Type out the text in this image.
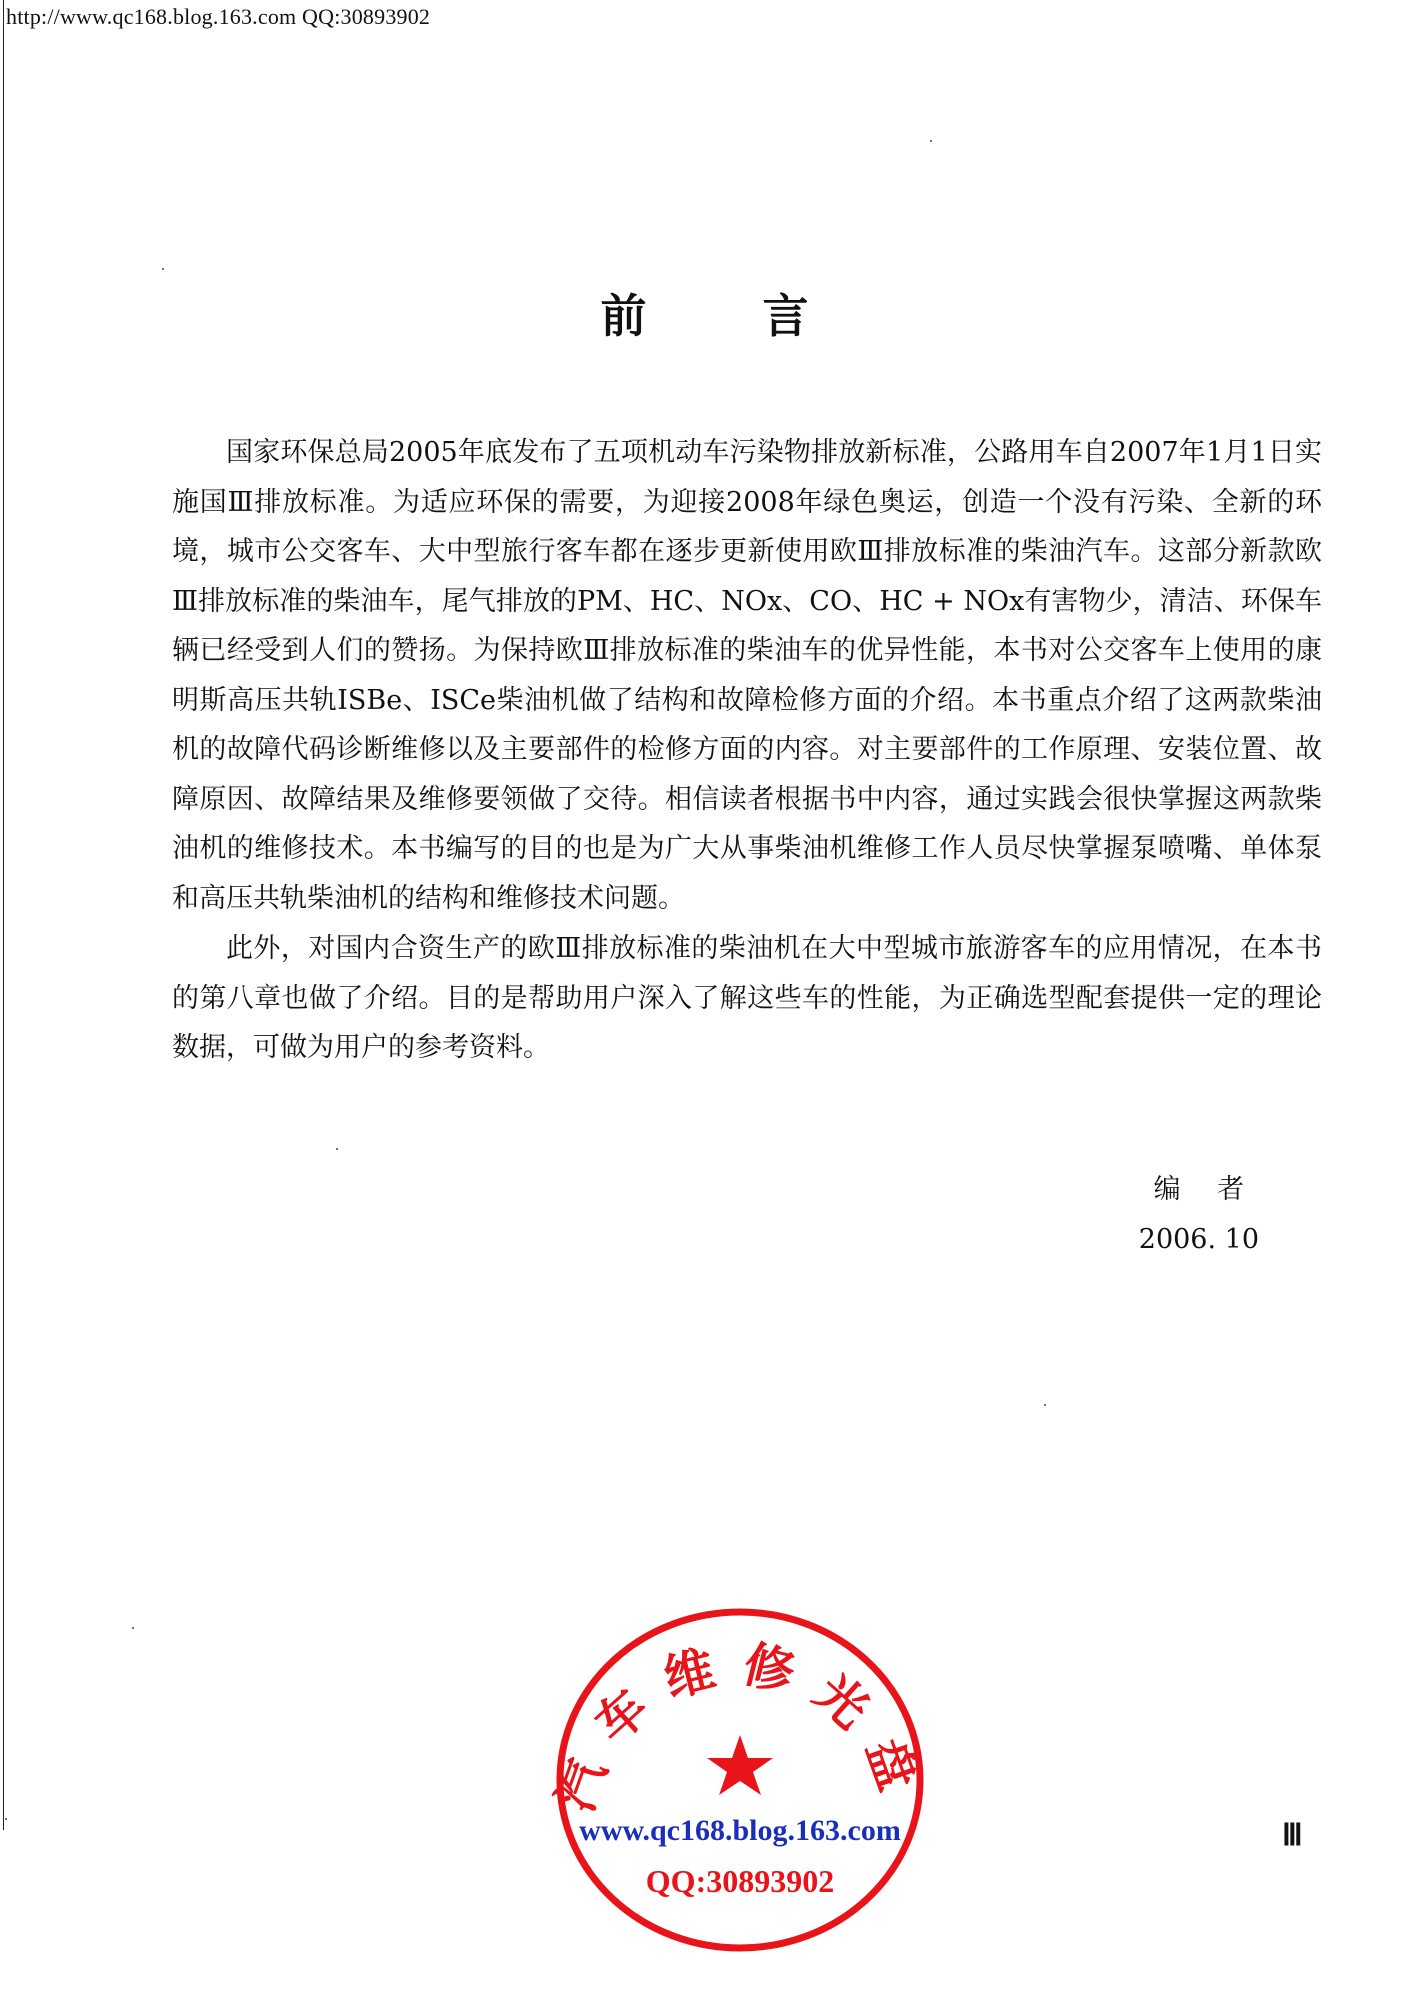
http://www.qc168.blog.163.com QQ:30893902
前 言

国家环保总局2005年底发布了五项机动车污染物排放新标准，公路用车自2007年1月1日实施国Ⅲ排放标准。为适应环保的需要，为迎接2008年绿色奥运，创造一个没有污染、全新的环境，城市公交客车、大中型旅行客车都在逐步更新使用欧Ⅲ排放标准的柴油汽车。这部分新款欧Ⅲ排放标准的柴油车，尾气排放的PM、HC、NOx、CO、HC + NOx有害物少，清洁、环保车辆已经受到人们的赞扬。为保持欧Ⅲ排放标准的柴油车的优异性能，本书对公交客车上使用的康明斯高压共轨ISBe、ISCe柴油机做了结构和故障检修方面的介绍。本书重点介绍了这两款柴油机的故障代码诊断维修以及主要部件的检修方面的内容。对主要部件的工作原理、安装位置、故障原因、故障结果及维修要领做了交待。相信读者根据书中内容，通过实践会很快掌握这两款柴油机的维修技术。本书编写的目的也是为广大从事柴油机维修工作人员尽快掌握泵喷嘴、单体泵和高压共轨柴油机的结构和维修技术问题。

此外，对国内合资生产的欧Ⅲ排放标准的柴油机在大中型城市旅游客车的应用情况，在本书的第八章也做了介绍。目的是帮助用户深入了解这些车的性能，为正确选型配套提供一定的理论数据，可做为用户的参考资料。

编 者
2006. 10
汽车维修光盘
www.qc168.blog.163.com
QQ:30893902
Ⅲ
